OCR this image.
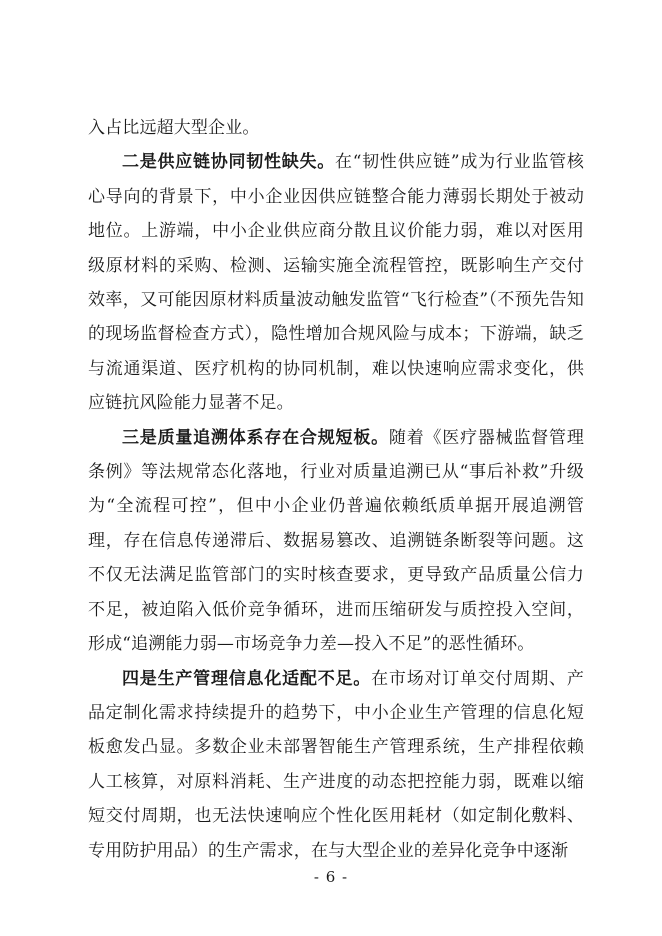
入占比远超大型企业。

二是供应链协同韧性缺失。在“韧性供应链”成为行业监管核心导向的背景下，中小企业因供应链整合能力薄弱长期处于被动地位。上游端，中小企业供应商分散且议价能力弱，难以对医用级原材料的采购、检测、运输实施全流程管控，既影响生产交付效率，又可能因原材料质量波动触发监管“飞行检查”（不预先告知的现场监督检查方式），隐性增加合规风险与成本；下游端，缺乏与流通渠道、医疗机构的协同机制，难以快速响应需求变化，供应链抗风险能力显著不足。

三是质量追溯体系存在合规短板。随着《医疗器械监督管理条例》等法规常态化落地，行业对质量追溯已从“事后补救”升级为“全流程可控”，但中小企业仍普遍依赖纸质单据开展追溯管理，存在信息传递滞后、数据易篡改、追溯链条断裂等问题。这不仅无法满足监管部门的实时核查要求，更导致产品质量公信力不足，被迫陷入低价竞争循环，进而压缩研发与质控投入空间，形成“追溯能力弱—市场竞争力差—投入不足”的恶性循环。

四是生产管理信息化适配不足。在市场对订单交付周期、产品定制化需求持续提升的趋势下，中小企业生产管理的信息化短板愈发凸显。多数企业未部署智能生产管理系统，生产排程依赖人工核算，对原料消耗、生产进度的动态把控能力弱，既难以缩短交付周期，也无法快速响应个性化医用耗材（如定制化敷料、专用防护用品）的生产需求，在与大型企业的差异化竞争中逐渐

- 6 -
